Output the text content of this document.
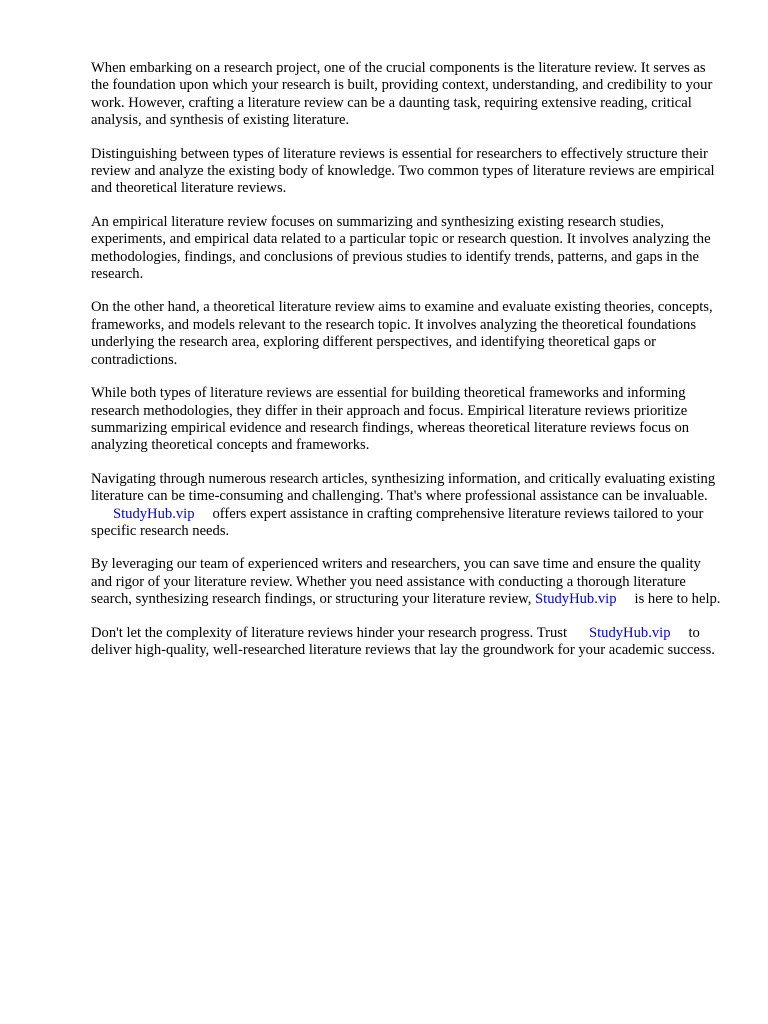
When embarking on a research project, one of the crucial components is the literature review. It serves as the foundation upon which your research is built, providing context, understanding, and credibility to your work. However, crafting a literature review can be a daunting task, requiring extensive reading, critical analysis, and synthesis of existing literature.

Distinguishing between types of literature reviews is essential for researchers to effectively structure their review and analyze the existing body of knowledge. Two common types of literature reviews are empirical and theoretical literature reviews.

An empirical literature review focuses on summarizing and synthesizing existing research studies, experiments, and empirical data related to a particular topic or research question. It involves analyzing the methodologies, findings, and conclusions of previous studies to identify trends, patterns, and gaps in the research.

On the other hand, a theoretical literature review aims to examine and evaluate existing theories, concepts, frameworks, and models relevant to the research topic. It involves analyzing the theoretical foundations underlying the research area, exploring different perspectives, and identifying theoretical gaps or contradictions.

While both types of literature reviews are essential for building theoretical frameworks and informing research methodologies, they differ in their approach and focus. Empirical literature reviews prioritize summarizing empirical evidence and research findings, whereas theoretical literature reviews focus on analyzing theoretical concepts and frameworks.

Navigating through numerous research articles, synthesizing information, and critically evaluating existing literature can be time-consuming and challenging. That's where professional assistance can be invaluable.StudyHub.vip offers expert assistance in crafting comprehensive literature reviews tailored to your specific research needs.

By leveraging our team of experienced writers and researchers, you can save time and ensure the quality and rigor of your literature review. Whether you need assistance with conducting a thorough literature search, synthesizing research findings, or structuring your literature review, StudyHub.vip is here to help.

Don't let the complexity of literature reviews hinder your research progress. Trust StudyHub.vip to deliver high-quality, well-researched literature reviews that lay the groundwork for your academic success.
